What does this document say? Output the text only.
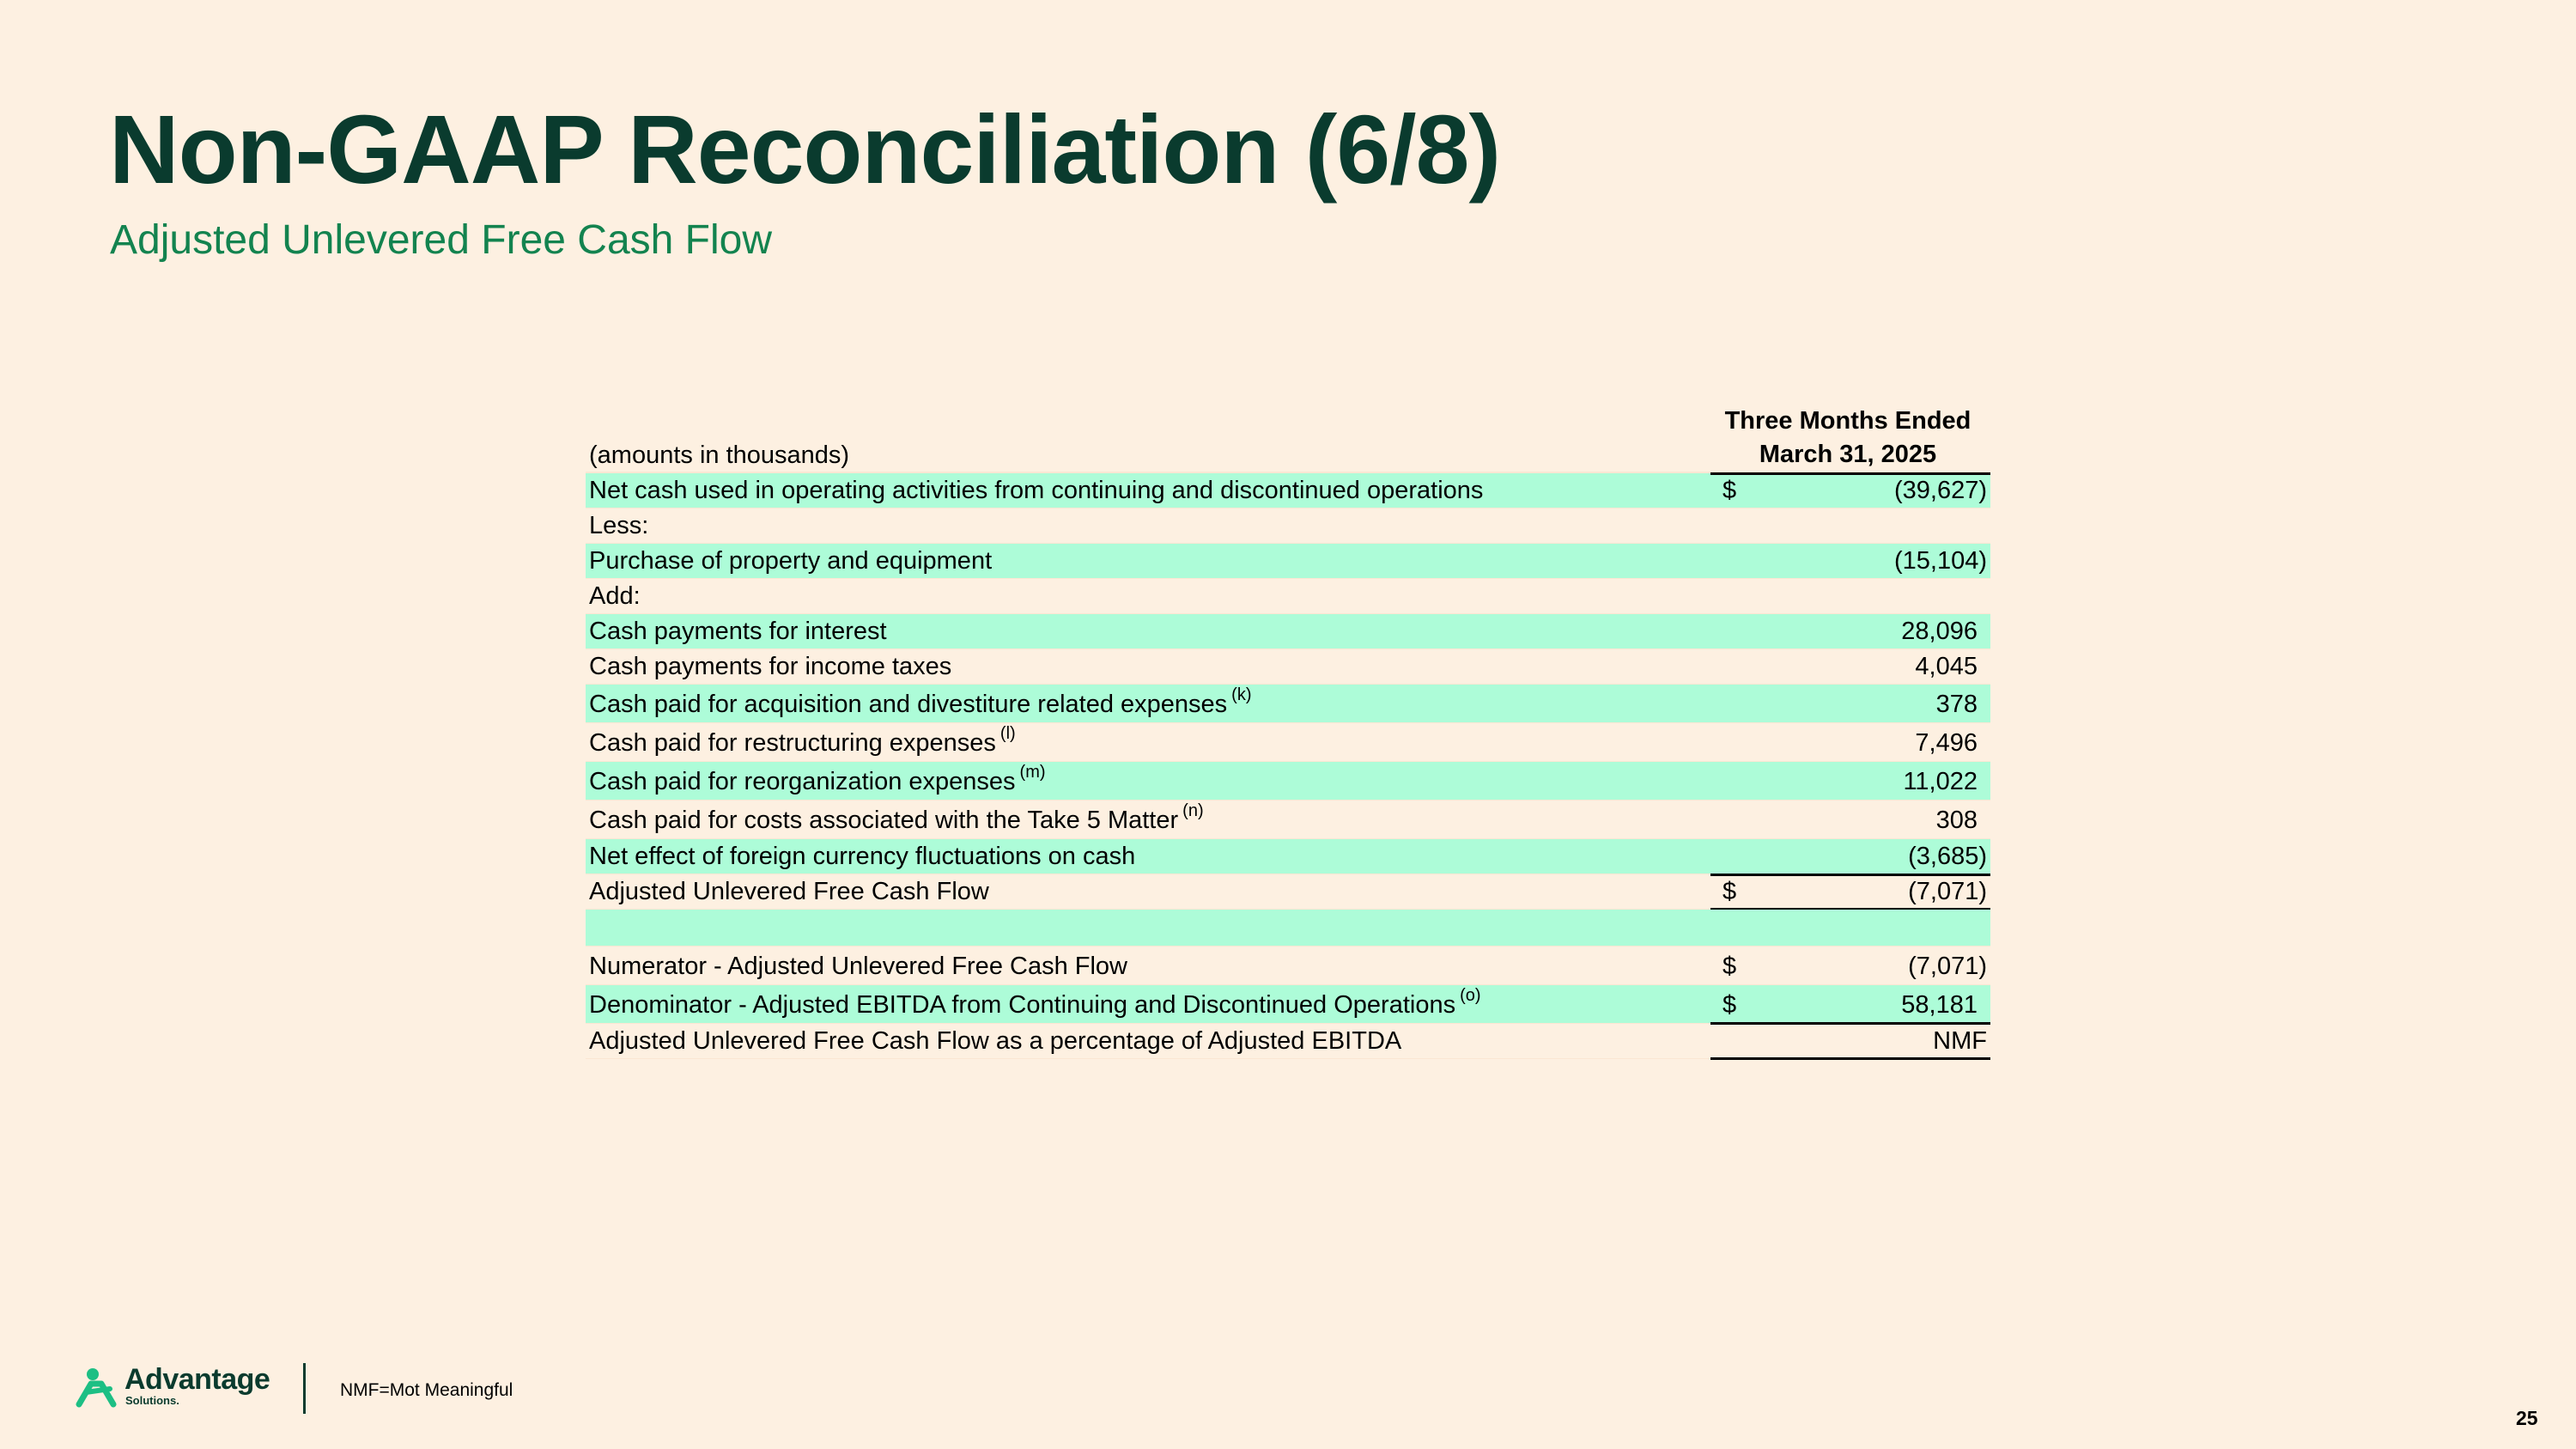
Non-GAAP Reconciliation (6/8)
Adjusted Unlevered Free Cash Flow
(amounts in thousands)
Three Months Ended
March 31, 2025
Net cash used in operating activities from continuing and discontinued operations	$	(39,627)
Less:
Purchase of property and equipment	(15,104)
Add:
Cash payments for interest	28,096
Cash payments for income taxes	4,045
Cash paid for acquisition and divestiture related expenses $^{(k)}$	378
Cash paid for restructuring expenses $^{(l)}$	7,496
Cash paid for reorganization expenses $^{(m)}$	11,022
Cash paid for costs associated with the Take 5 Matter $^{(n)}$	308
Net effect of foreign currency fluctuations on cash	(3,685)
Adjusted Unlevered Free Cash Flow	$	(7,071)
Numerator - Adjusted Unlevered Free Cash Flow	$	(7,071)
Denominator - Adjusted EBITDA from Continuing and Discontinued Operations $^{(o)}$	$	58,181
Adjusted Unlevered Free Cash Flow as a percentage of Adjusted EBITDA	NMF
Advantage
Solutions.
NMF=Mot Meaningful
25
